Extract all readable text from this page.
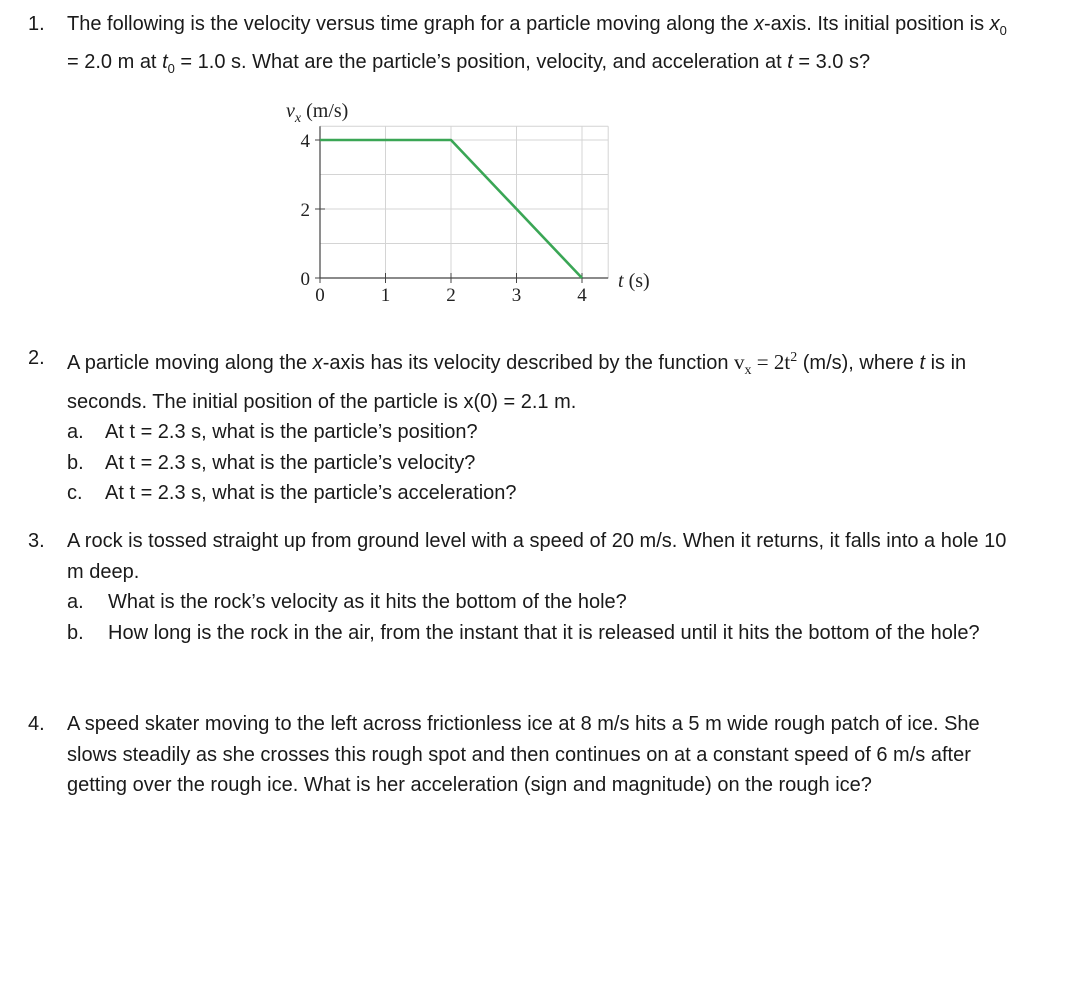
1. The following is the velocity versus time graph for a particle moving along the x-axis. Its initial position is $x_0 = 2.0$ m at $t_0 = 1.0$ s. What are the particle’s position, velocity, and acceleration at t = 3.0 s?
0	1	2	3	4
0
2
4
$v_x$ (m/s)
t (s)
2. A particle moving along the x-axis has its velocity described by the function $v_x = 2t^2$ (m/s), where t is in seconds. The initial position of the particle is x(0) = 2.1 m.
a. At t = 2.3 s, what is the particle’s position?
b. At t = 2.3 s, what is the particle’s velocity?
c. At t = 2.3 s, what is the particle’s acceleration?
3. A rock is tossed straight up from ground level with a speed of 20 m/s. When it returns, it falls into a hole 10 m deep.
a. What is the rock’s velocity as it hits the bottom of the hole?
b. How long is the rock in the air, from the instant that it is released until it hits the bottom of the hole?
4. A speed skater moving to the left across frictionless ice at 8 m/s hits a 5 m wide rough patch of ice. She slows steadily as she crosses this rough spot and then continues on at a constant speed of 6 m/s after getting over the rough ice. What is her acceleration (sign and magnitude) on the rough ice?
